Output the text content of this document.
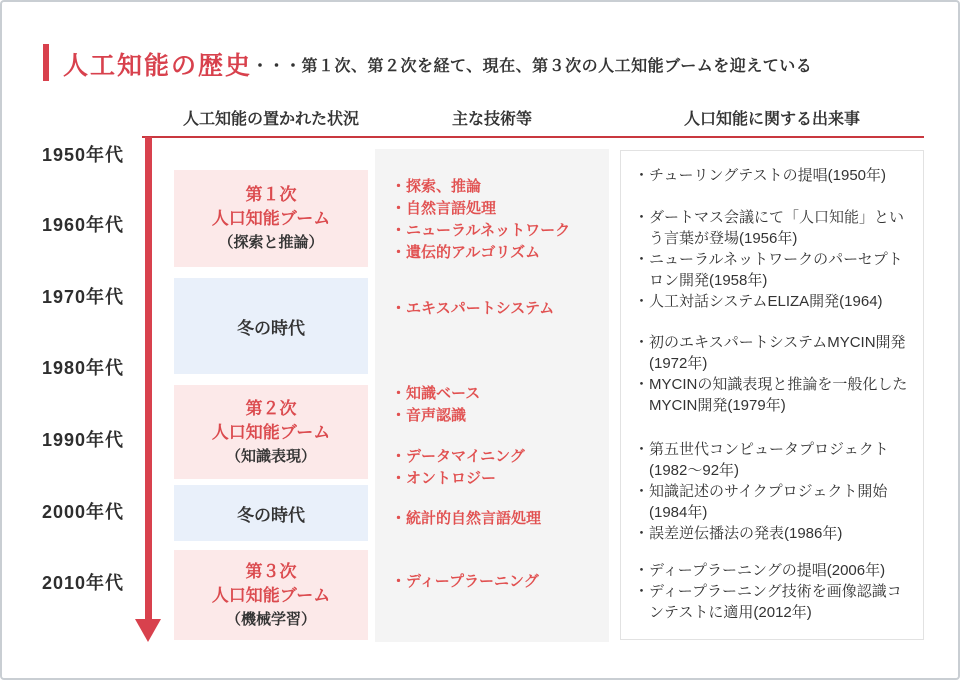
人工知能の歴史 ・・・第１次、第２次を経て、現在、第３次の人工知能ブームを迎えている
人工知能の置かれた状況	主な技術等	人口知能に関する出来事
1950年代
1960年代
1970年代
1980年代
1990年代
2000年代
2010年代
第１次
人口知能ブーム
（探索と推論）
冬の時代
第２次
人口知能ブーム
（知識表現）
冬の時代
第３次
人口知能ブーム
（機械学習）
・探索、推論
・自然言語処理
・ニューラルネットワーク
・遺伝的アルゴリズム
・エキスパートシステム
・知識ベース
・音声認識
・データマイニング
・オントロジー
・統計的自然言語処理
・ディープラーニング
・チューリングテストの提唱(1950年)
・ダートマス会議にて「人口知能」という言葉が登場(1956年)
・ニューラルネットワークのパーセプトロン開発(1958年)
・人工対話システムELIZA開発(1964)
・初のエキスパートシステムMYCIN開発(1972年)
・MYCINの知識表現と推論を一般化したMYCIN開発(1979年)
・第五世代コンピュータプロジェクト(1982〜92年)
・知識記述のサイクプロジェクト開始(1984年)
・誤差逆伝播法の発表(1986年)
・ディープラーニングの提唱(2006年)
・ディープラーニング技術を画像認識コンテストに適用(2012年)
